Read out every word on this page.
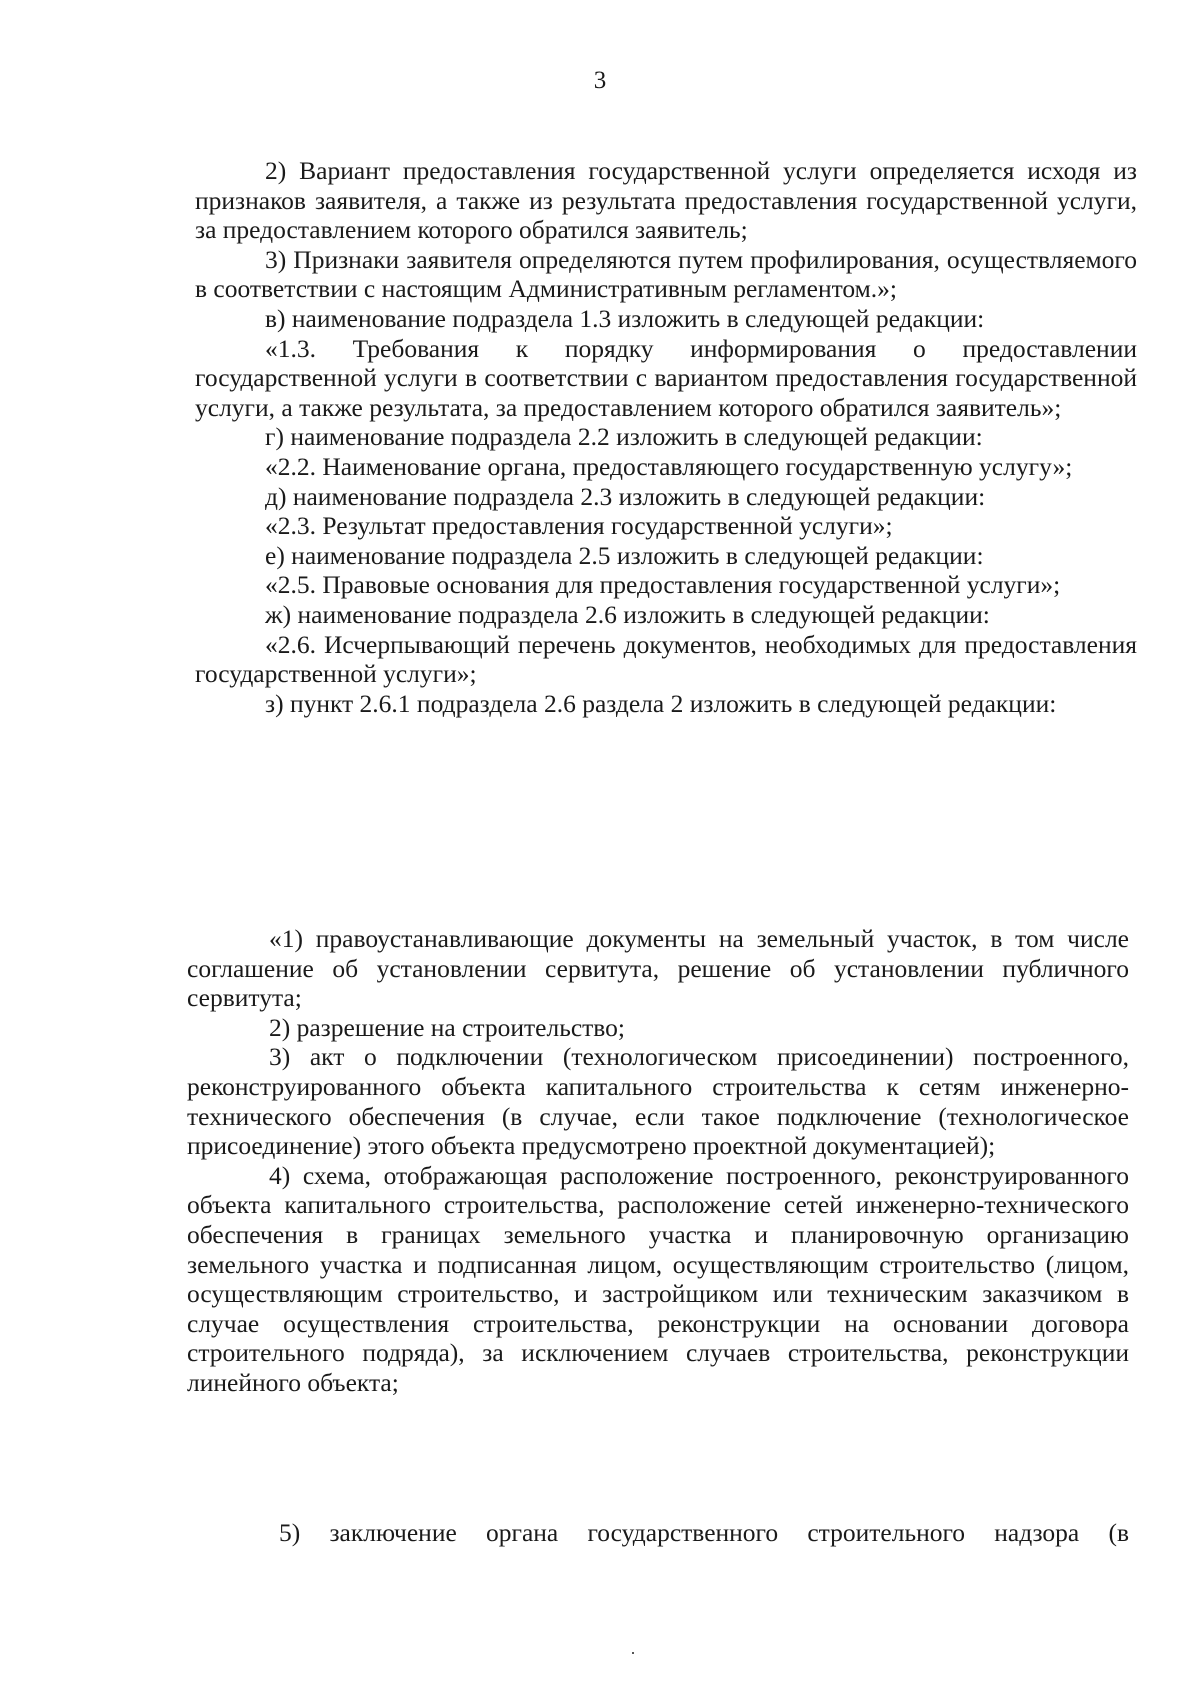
3

2) Вариант предоставления государственной услуги определяется исходя из признаков заявителя, а также из результата предоставления государственной услуги, за предоставлением которого обратился заявитель;

3) Признаки заявителя определяются путем профилирования, осуществляемого в соответствии с настоящим Административным регламентом.»;

в) наименование подраздела 1.3 изложить в следующей редакции:

«1.3. Требования к порядку информирования о предоставлении государственной услуги в соответствии с вариантом предоставления государственной услуги, а также результата, за предоставлением которого обратился заявитель»;

г) наименование подраздела 2.2 изложить в следующей редакции:

«2.2. Наименование органа, предоставляющего государственную услугу»;

д) наименование подраздела 2.3 изложить в следующей редакции:

«2.3. Результат предоставления государственной услуги»;

е) наименование подраздела 2.5 изложить в следующей редакции:

«2.5. Правовые основания для предоставления государственной услуги»;

ж) наименование подраздела 2.6 изложить в следующей редакции:

«2.6. Исчерпывающий перечень документов, необходимых для предоставления государственной услуги»;

з) пункт 2.6.1 подраздела 2.6 раздела 2 изложить в следующей редакции:

«1) правоустанавливающие документы на земельный участок, в том числе соглашение об установлении сервитута, решение об установлении публичного сервитута;

2) разрешение на строительство;

3) акт о подключении (технологическом присоединении) построенного, реконструированного объекта капитального строительства к сетям инженерно-технического обеспечения (в случае, если такое подключение (технологическое присоединение) этого объекта предусмотрено проектной документацией);

4) схема, отображающая расположение построенного, реконструированного объекта капитального строительства, расположение сетей инженерно-технического обеспечения в границах земельного участка и планировочную организацию земельного участка и подписанная лицом, осуществляющим строительство (лицом, осуществляющим строительство, и застройщиком или техническим заказчиком в случае осуществления строительства, реконструкции на основании договора строительного подряда), за исключением случаев строительства, реконструкции линейного объекта;

5) заключение органа государственного строительного надзора (в
